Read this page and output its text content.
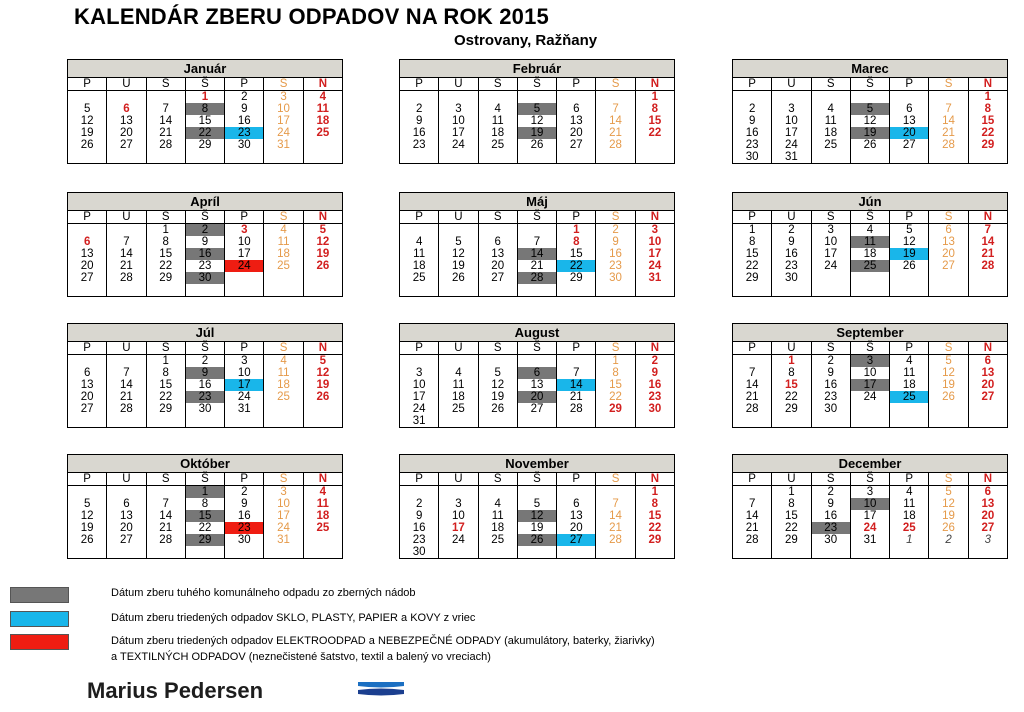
KALENDÁR ZBERU ODPADOV NA ROK 2015
Ostrovany, Ražňany
Január						
P	U	S	Š	P	S	N
			1	2	3	4
5	6	7	8	9	10	11
12	13	14	15	16	17	18
19	20	21	22	23	24	25
26	27	28	29	30	31	

Február						
P	U	S	Š	P	S	N
						1
2	3	4	5	6	7	8
9	10	11	12	13	14	15
16	17	18	19	20	21	22
23	24	25	26	27	28	

Marec						
P	U	S	Š	P	S	N
						1
2	3	4	5	6	7	8
9	10	11	12	13	14	15
16	17	18	19	20	21	22
23	24	25	26	27	28	29
30	31					
Apríl						
P	U	S	Š	P	S	N
		1	2	3	4	5
6	7	8	9	10	11	12
13	14	15	16	17	18	19
20	21	22	23	24	25	26
27	28	29	30			

Máj						
P	U	S	Š	P	S	N
				1	2	3
4	5	6	7	8	9	10
11	12	13	14	15	16	17
18	19	20	21	22	23	24
25	26	27	28	29	30	31

Jún						
P	U	S	Š	P	S	N
1	2	3	4	5	6	7
8	9	10	11	12	13	14
15	16	17	18	19	20	21
22	23	24	25	26	27	28
29	30					

Júl						
P	U	S	Š	P	S	N
		1	2	3	4	5
6	7	8	9	10	11	12
13	14	15	16	17	18	19
20	21	22	23	24	25	26
27	28	29	30	31		

August						
P	U	S	Š	P	S	N
					1	2
3	4	5	6	7	8	9
10	11	12	13	14	15	16
17	18	19	20	21	22	23
24	25	26	27	28	29	30
31						
September						
P	U	S	Š	P	S	N
	1	2	3	4	5	6
7	8	9	10	11	12	13
14	15	16	17	18	19	20
21	22	23	24	25	26	27
28	29	30				

Október						
P	U	S	Š	P	S	N
			1	2	3	4
5	6	7	8	9	10	11
12	13	14	15	16	17	18
19	20	21	22	23	24	25
26	27	28	29	30	31	

November						
P	U	S	Š	P	S	N
						1
2	3	4	5	6	7	8
9	10	11	12	13	14	15
16	17	18	19	20	21	22
23	24	25	26	27	28	29
30						
December						
P	U	S	Š	P	S	N
	1	2	3	4	5	6
7	8	9	10	11	12	13
14	15	16	17	18	19	20
21	22	23	24	25	26	27
28	29	30	31	1	2	3

Dátum zberu tuhého komunálneho odpadu zo zberných nádob
Dátum zberu triedených odpadov SKLO, PLASTY, PAPIER a KOVY z vriec
Dátum zberu triedených odpadov ELEKTROODPAD a NEBEZPEČNÉ ODPADY (akumulátory, baterky, žiarivky)
a TEXTILNÝCH ODPADOV (neznečistené šatstvo, textil a balený vo vreciach)
Marius Pedersen
